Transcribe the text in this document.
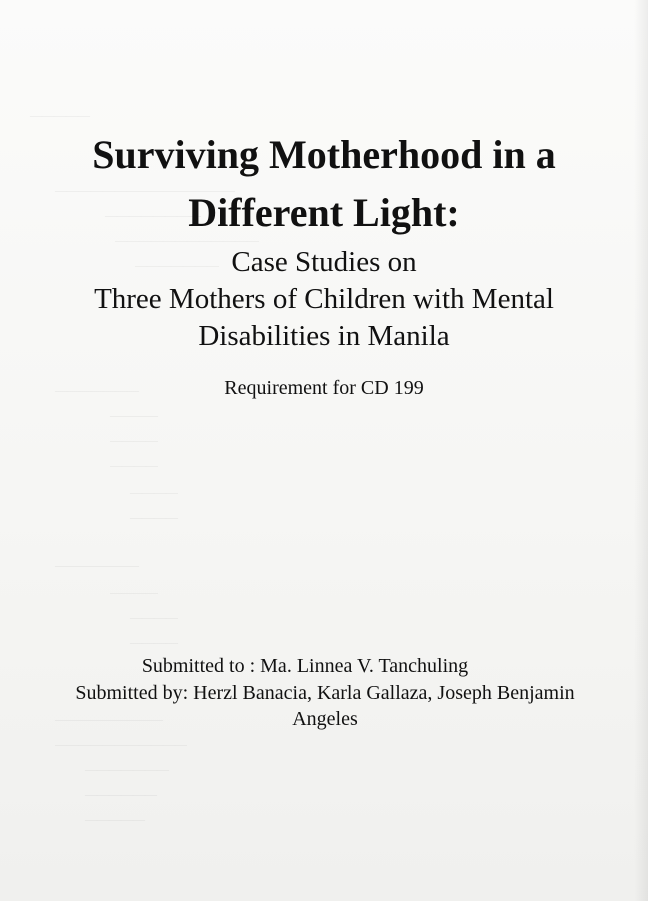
—————
———————————————
————————
————————————
———————
———————
————
————
————
————
————
———————
————
————
————
—————————
———————————
———————
——————
—————
Surviving Motherhood in a
Different Light:
Case Studies on
Three Mothers of Children with Mental
Disabilities in Manila
Requirement for CD 199
Submitted to : Ma. Linnea V. Tanchuling
Submitted by: Herzl Banacia, Karla Gallaza, Joseph Benjamin
Angeles
